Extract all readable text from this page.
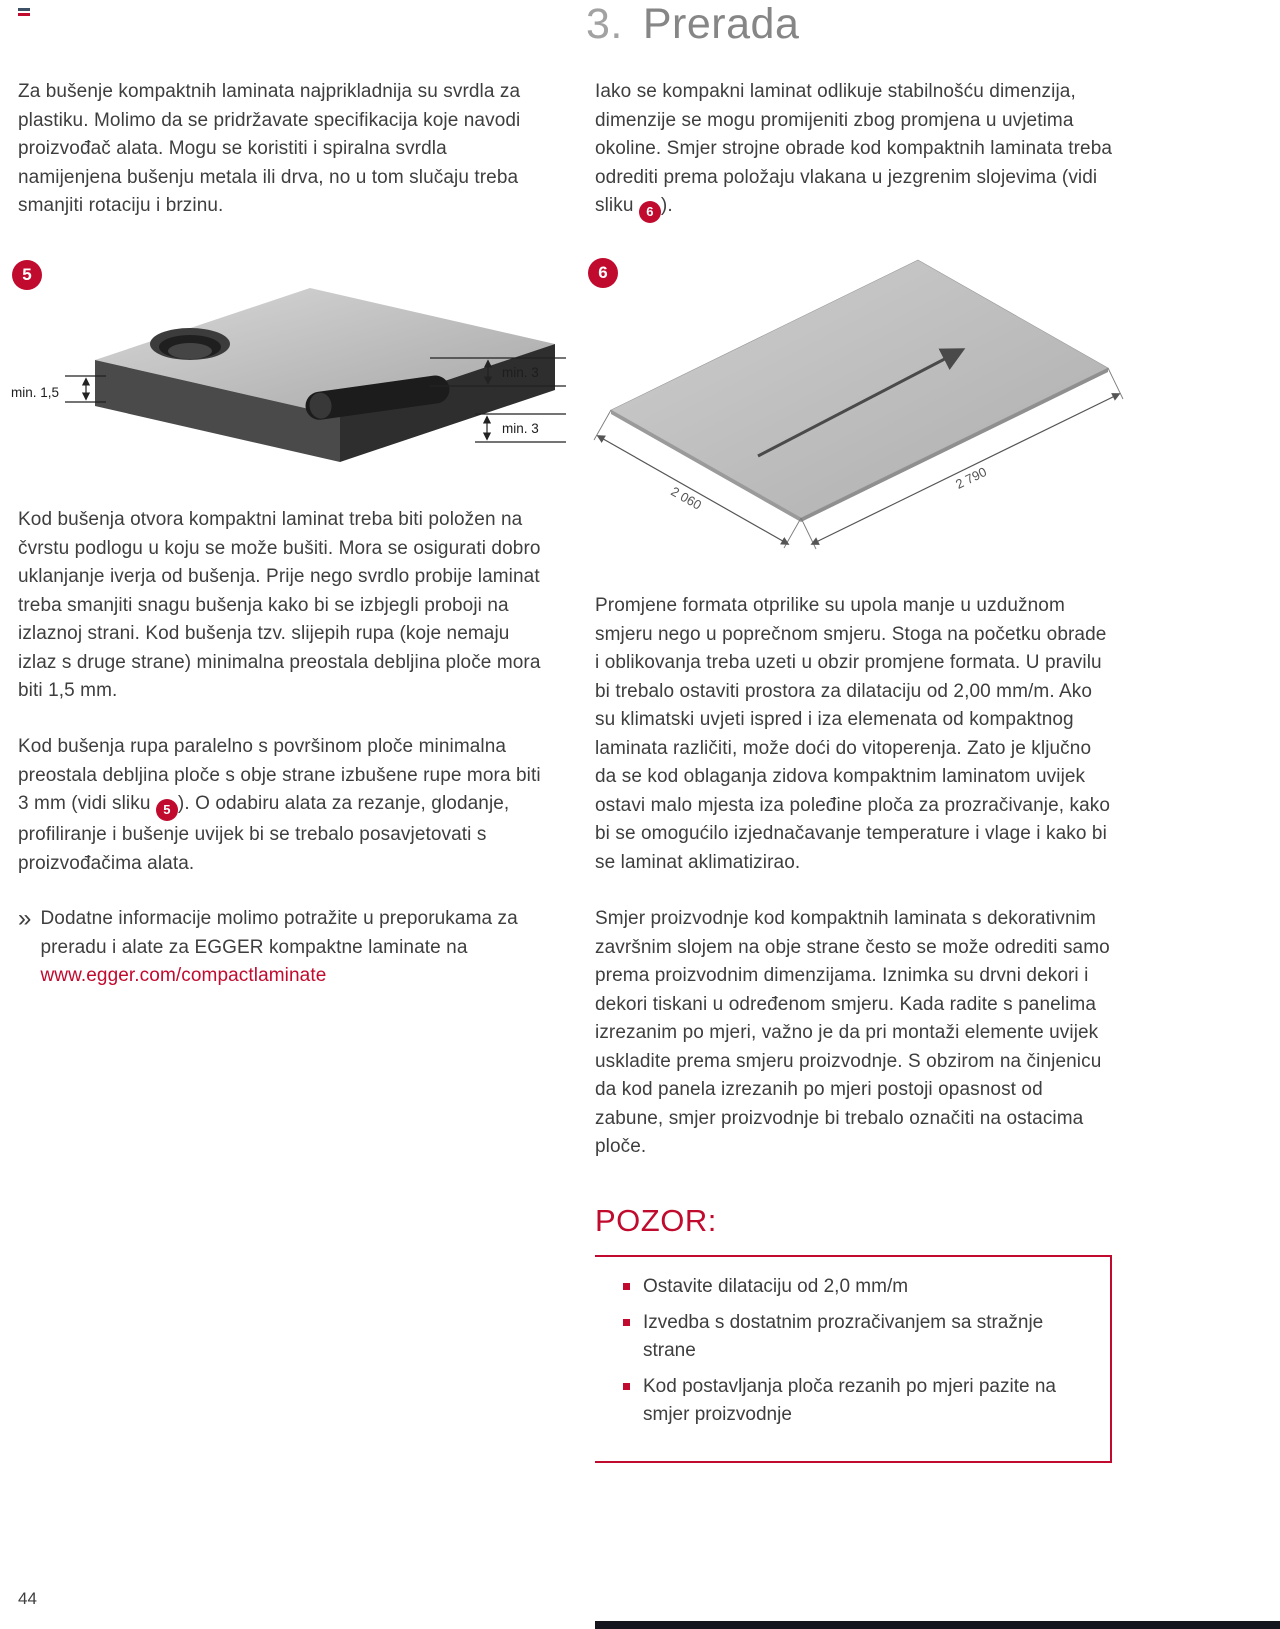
3. Prerada

Za bušenje kompaktnih laminata najprikladnija su svrdla za plastiku. Molimo da se pridržavate specifikacija koje navodi proizvođač alata. Mogu se koristiti i spiralna svrdla namijenjena bušenju metala ili drva, no u tom slučaju treba smanjiti rotaciju i brzinu.

Iako se kompakni laminat odlikuje stabilnošću dimenzija, dimenzije se mogu promijeniti zbog promjena u uvjetima okoline. Smjer strojne obrade kod kompaktnih laminata treba odrediti prema položaju vlakana u jezgrenim slojevima (vidi sliku 6 ).

5
min. 1,5
min. 3
min. 3
6
2 060
2 790

Kod bušenja otvora kompaktni laminat treba biti položen na čvrstu podlogu u koju se može bušiti. Mora se osigurati dobro uklanjanje iverja od bušenja. Prije nego svrdlo probije laminat treba smanjiti snagu bušenja kako bi se izbjegli proboji na izlaznoj strani. Kod bušenja tzv. slijepih rupa (koje nemaju izlaz s druge strane) minimalna preostala debljina ploče mora biti 1,5 mm.

Kod bušenja rupa paralelno s površinom ploče minimalna preostala debljina ploče s obje strane izbušene rupe mora biti 3 mm (vidi sliku 5 ). O odabiru alata za rezanje, glodanje, profiliranje i bušenje uvijek bi se trebalo posavjetovati s proizvođačima alata.

» Dodatne informacije molimo potražite u preporukama za preradu i alate za EGGER kompaktne laminate na www.egger.com/compactlaminate

Promjene formata otprilike su upola manje u uzdužnom smjeru nego u poprečnom smjeru. Stoga na početku obrade i oblikovanja treba uzeti u obzir promjene formata. U pravilu bi trebalo ostaviti prostora za dilataciju od 2,00 mm/m. Ako su klimatski uvjeti ispred i iza elemenata od kompaktnog laminata različiti, može doći do vitoperenja. Zato je ključno da se kod oblaganja zidova kompaktnim laminatom uvijek ostavi malo mjesta iza poleđine ploča za prozračivanje, kako bi se omogućilo izjednačavanje temperature i vlage i kako bi se laminat aklimatizirao.

Smjer proizvodnje kod kompaktnih laminata s dekorativnim završnim slojem na obje strane često se može odrediti samo prema proizvodnim dimenzijama. Iznimka su drvni dekori i dekori tiskani u određenom smjeru. Kada radite s panelima izrezanim po mjeri, važno je da pri montaži elemente uvijek uskladite prema smjeru proizvodnje. S obzirom na činjenicu da kod panela izrezanih po mjeri postoji opasnost od zabune, smjer proizvodnje bi trebalo označiti na ostacima ploče.

POZOR:
Ostavite dilataciju od 2,0 mm/m
Izvedba s dostatnim prozračivanjem sa stražnje strane
Kod postavljanja ploča rezanih po mjeri pazite na smjer proizvodnje
44
